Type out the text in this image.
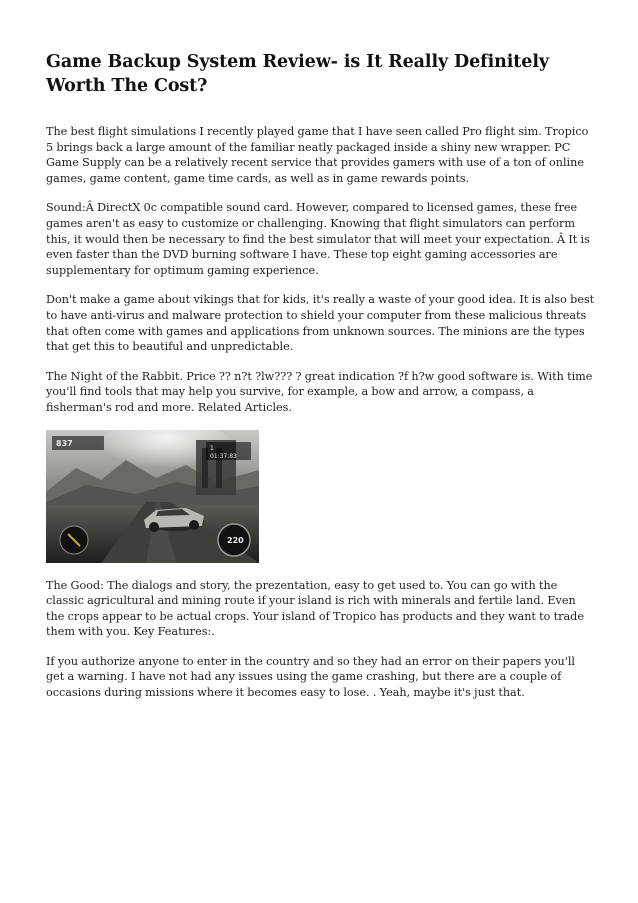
Game Backup System Review- is It Really Definitely Worth The Cost?

The best flight simulations I recently played game that I have seen called Pro flight sim. Tropico 5 brings back a large amount of the familiar neatly packaged inside a shiny new wrapper. PC Game Supply can be a relatively recent service that provides gamers with use of a ton of online games, game content, game time cards, as well as in game rewards points.

Sound:Â DirectX 0c compatible sound card. However, compared to licensed games, these free games aren't as easy to customize or challenging. Knowing that flight simulators can perform this, it would then be necessary to find the best simulator that will meet your expectation. Â It is even faster than the DVD burning software I have. These top eight gaming accessories are supplementary for optimum gaming experience.

Don't make a game about vikings that for kids, it's really a waste of your good idea. It is also best to have anti-virus and malware protection to shield your computer from these malicious threats that often come with games and applications from unknown sources. The minions are the types that get this to beautiful and unpredictable.

The Night of the Rabbit. Price ?? n?t ?lw??? ? great indication ?f h?w good software is. With time you'll find tools that may help you survive, for example, a bow and arrow, a compass, a fisherman's rod and more. Related Articles.

837
1
01:37.83
220

The Good: The dialogs and story, the prezentation, easy to get used to. You can go with the classic agricultural and mining route if your island is rich with minerals and fertile land. Even the crops appear to be actual crops. Your island of Tropico has products and they want to trade them with you. Key Features:.

If you authorize anyone to enter in the country and so they had an error on their papers you'll get a warning. I have not had any issues using the game crashing, but there are a couple of occasions during missions where it becomes easy to lose. . Yeah, maybe it's just that.
